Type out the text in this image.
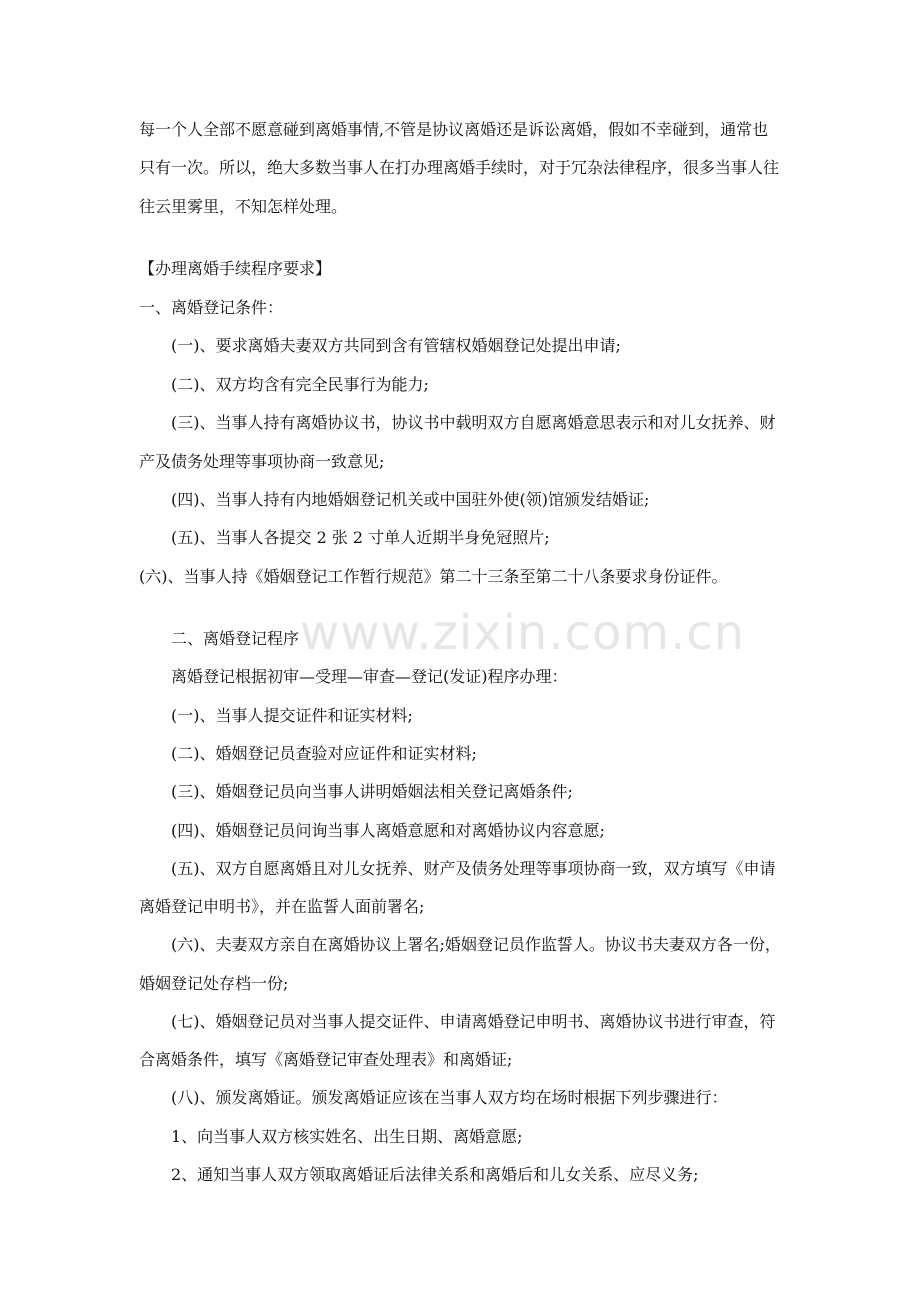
www.zixin.com.cn
每一个人全部不愿意碰到离婚事情,不管是协议离婚还是诉讼离婚，假如不幸碰到，通常也
只有一次。所以，绝大多数当事人在打办理离婚手续时，对于冗杂法律程序，很多当事人往
往云里雾里，不知怎样处理。
【办理离婚手续程序要求】
一、离婚登记条件：
(一)、要求离婚夫妻双方共同到含有管辖权婚姻登记处提出申请;
(二)、双方均含有完全民事行为能力;
(三)、当事人持有离婚协议书，协议书中载明双方自愿离婚意思表示和对儿女抚养、财
产及债务处理等事项协商一致意见;
(四)、当事人持有内地婚姻登记机关或中国驻外使(领)馆颁发结婚证;
(五)、当事人各提交 2 张 2 寸单人近期半身免冠照片;
(六)、当事人持《婚姻登记工作暂行规范》第二十三条至第二十八条要求身份证件。
二、离婚登记程序
离婚登记根据初审—受理—审查—登记(发证)程序办理：
(一)、当事人提交证件和证实材料;
(二)、婚姻登记员查验对应证件和证实材料;
(三)、婚姻登记员向当事人讲明婚姻法相关登记离婚条件;
(四)、婚姻登记员问询当事人离婚意愿和对离婚协议内容意愿;
(五)、双方自愿离婚且对儿女抚养、财产及债务处理等事项协商一致，双方填写《申请
离婚登记申明书》，并在监誓人面前署名;
(六)、夫妻双方亲自在离婚协议上署名;婚姻登记员作监誓人。协议书夫妻双方各一份，
婚姻登记处存档一份;
(七)、婚姻登记员对当事人提交证件、申请离婚登记申明书、离婚协议书进行审查，符
合离婚条件，填写《离婚登记审查处理表》和离婚证;
(八)、颁发离婚证。颁发离婚证应该在当事人双方均在场时根据下列步骤进行：
1、向当事人双方核实姓名、出生日期、离婚意愿;
2、通知当事人双方领取离婚证后法律关系和离婚后和儿女关系、应尽义务;
